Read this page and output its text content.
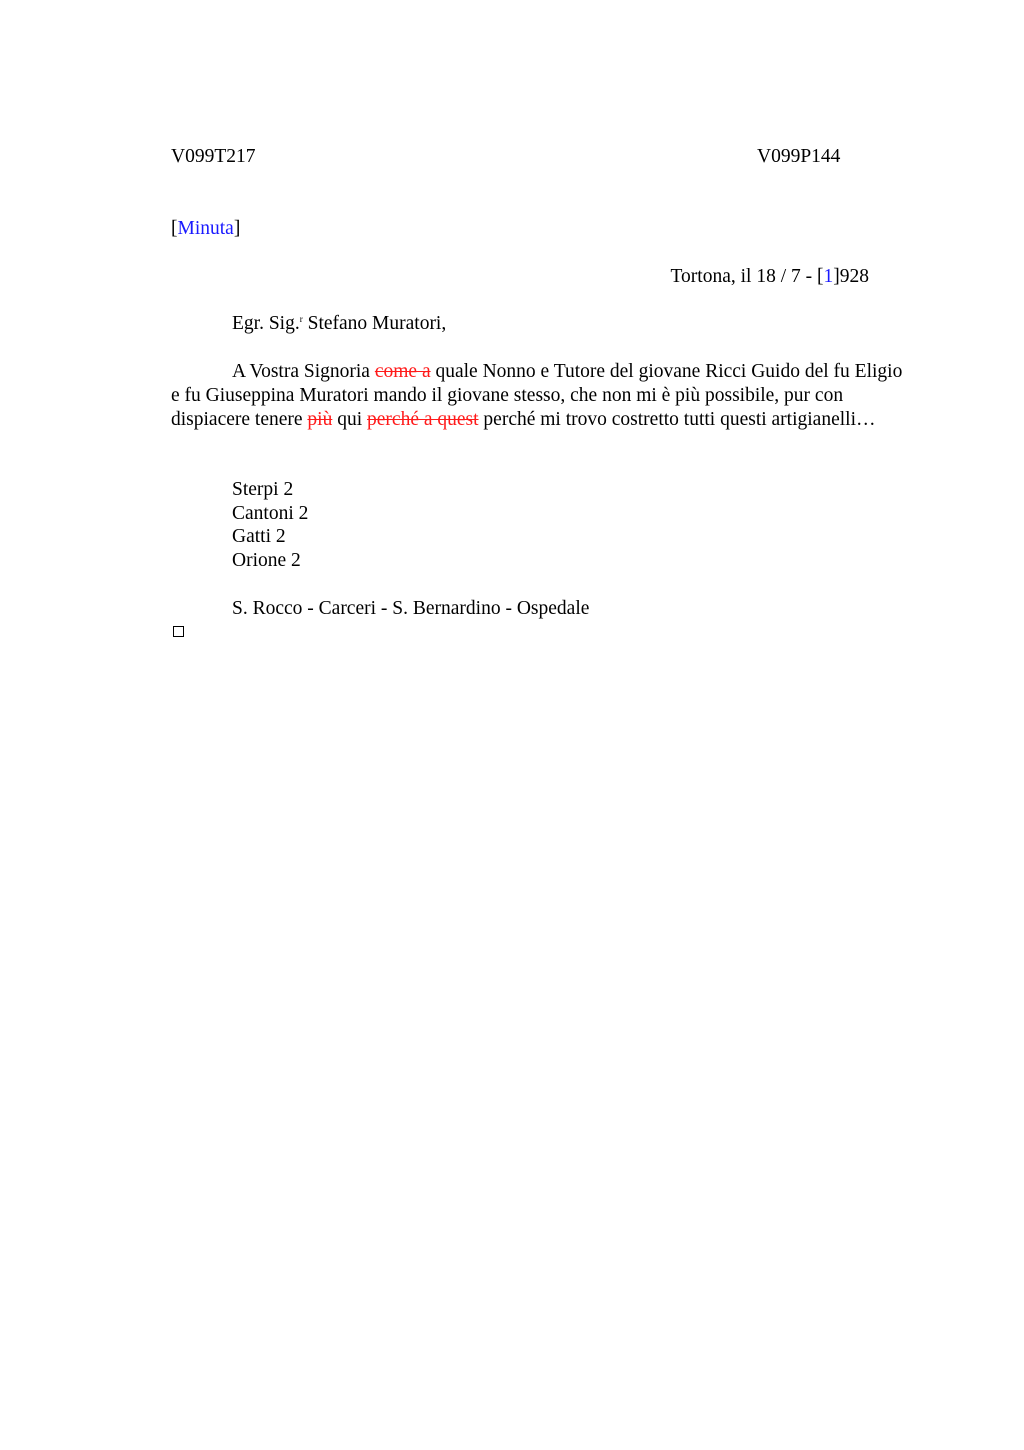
V099T217	V099P144
[Minuta]
Tortona, il 18 / 7 - [1]928
Egr. Sig.$^r$ Stefano Muratori,
A Vostra Signoria come a quale Nonno e Tutore del giovane Ricci Guido del fu Eligio e fu Giuseppina Muratori mando il giovane stesso, che non mi è più possibile, pur con dispiacere tenere più qui perché a quest perché mi trovo costretto tutti questi artigianelli…
Sterpi 2
Cantoni 2
Gatti 2
Orione 2
S. Rocco - Carceri - S. Bernardino - Ospedale
